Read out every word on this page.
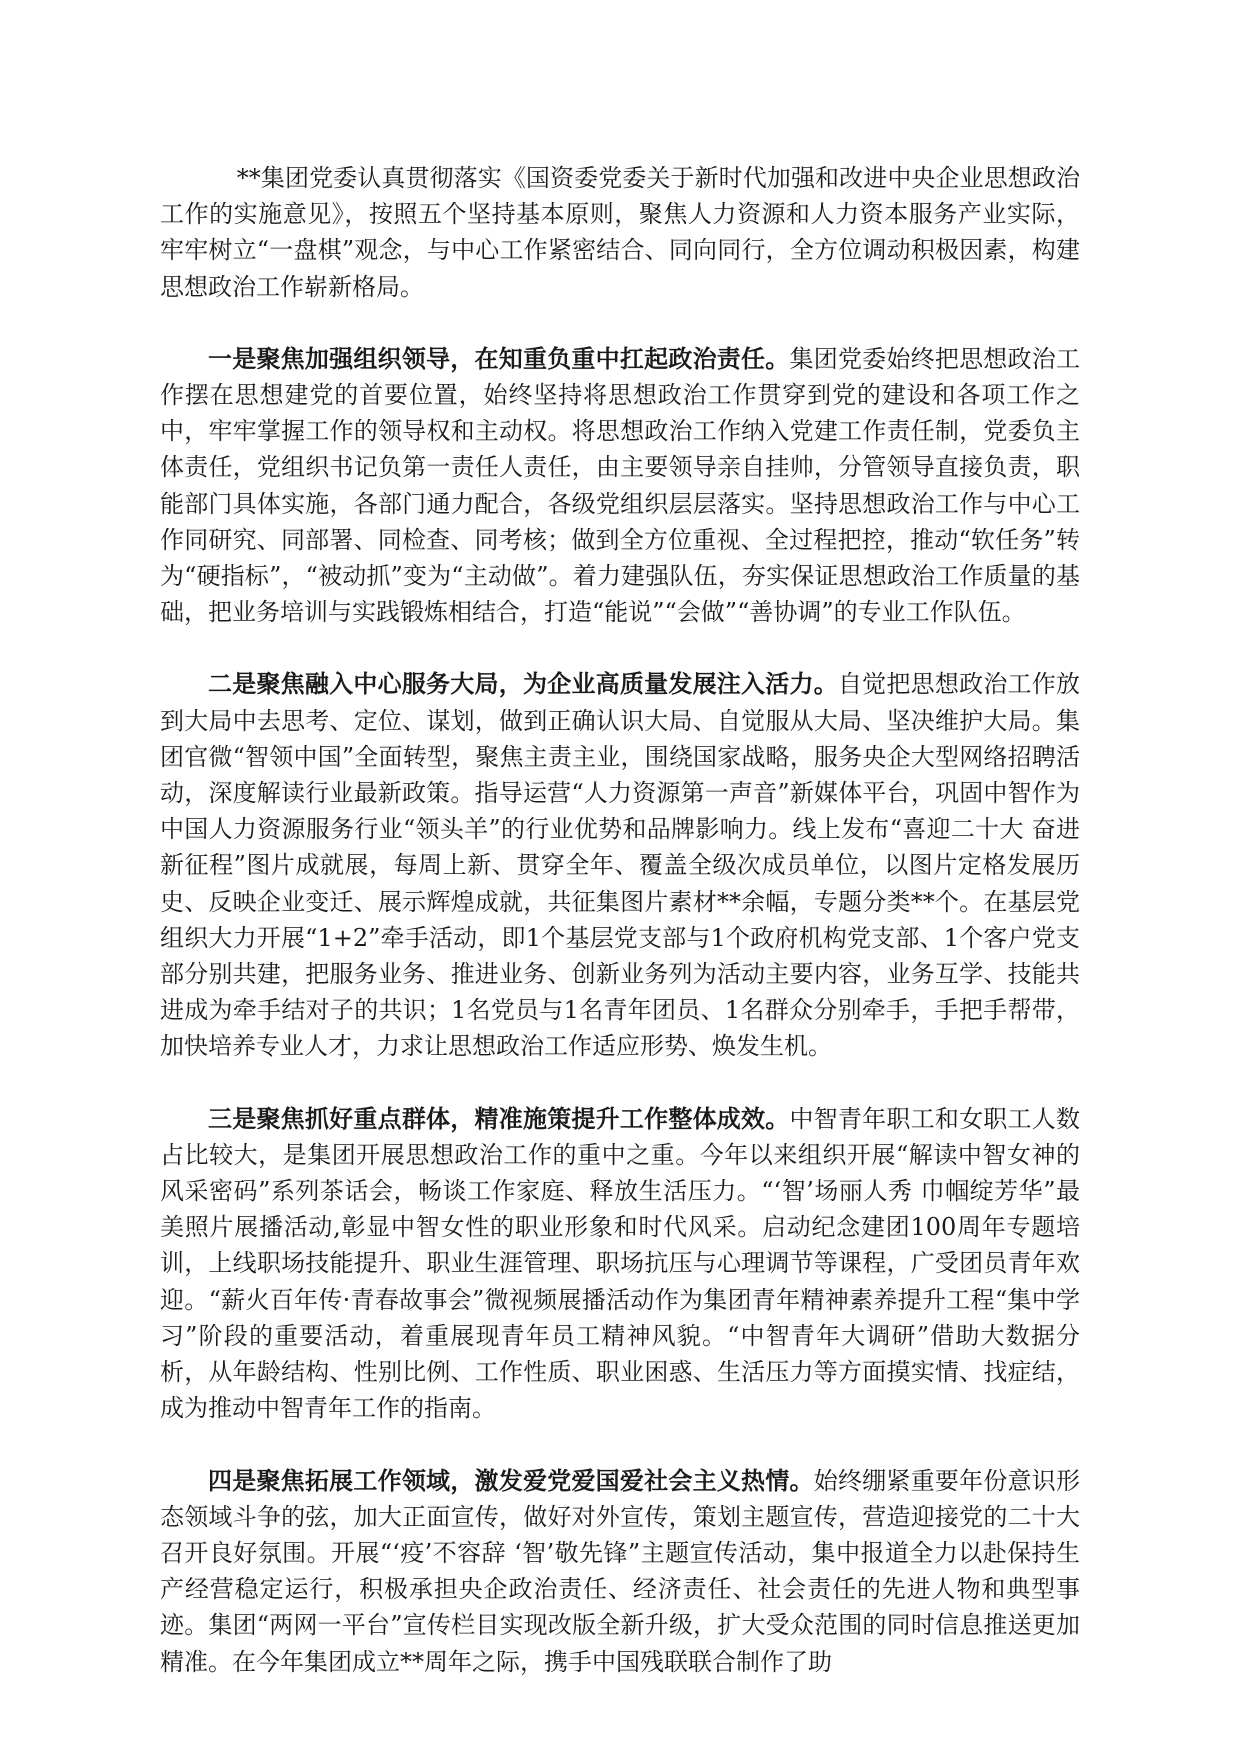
**集团党委认真贯彻落实《国资委党委关于新时代加强和改进中央企业思想政治工作的实施意见》，按照五个坚持基本原则，聚焦人力资源和人力资本服务产业实际，牢牢树立“一盘棋”观念，与中心工作紧密结合、同向同行，全方位调动积极因素，构建思想政治工作崭新格局。

一是聚焦加强组织领导，在知重负重中扛起政治责任。集团党委始终把思想政治工作摆在思想建党的首要位置，始终坚持将思想政治工作贯穿到党的建设和各项工作之中，牢牢掌握工作的领导权和主动权。将思想政治工作纳入党建工作责任制，党委负主体责任，党组织书记负第一责任人责任，由主要领导亲自挂帅，分管领导直接负责，职能部门具体实施，各部门通力配合，各级党组织层层落实。坚持思想政治工作与中心工作同研究、同部署、同检查、同考核；做到全方位重视、全过程把控，推动“软任务”转为“硬指标”，“被动抓”变为“主动做”。着力建强队伍，夯实保证思想政治工作质量的基础，把业务培训与实践锻炼相结合，打造“能说”“会做”“善协调”的专业工作队伍。

二是聚焦融入中心服务大局，为企业高质量发展注入活力。自觉把思想政治工作放到大局中去思考、定位、谋划，做到正确认识大局、自觉服从大局、坚决维护大局。集团官微“智领中国”全面转型，聚焦主责主业，围绕国家战略，服务央企大型网络招聘活动，深度解读行业最新政策。指导运营“人力资源第一声音”新媒体平台，巩固中智作为中国人力资源服务行业“领头羊”的行业优势和品牌影响力。线上发布“喜迎二十大 奋进新征程”图片成就展，每周上新、贯穿全年、覆盖全级次成员单位，以图片定格发展历史、反映企业变迁、展示辉煌成就，共征集图片素材**余幅，专题分类**个。在基层党组织大力开展“1+2”牵手活动，即1个基层党支部与1个政府机构党支部、1个客户党支部分别共建，把服务业务、推进业务、创新业务列为活动主要内容，业务互学、技能共进成为牵手结对子的共识；1名党员与1名青年团员、1名群众分别牵手，手把手帮带，加快培养专业人才，力求让思想政治工作适应形势、焕发生机。

三是聚焦抓好重点群体，精准施策提升工作整体成效。中智青年职工和女职工人数占比较大，是集团开展思想政治工作的重中之重。今年以来组织开展“解读中智女神的风采密码”系列茶话会，畅谈工作家庭、释放生活压力。“‘智’场丽人秀 巾帼绽芳华”最美照片展播活动,彰显中智女性的职业形象和时代风采。启动纪念建团100周年专题培训，上线职场技能提升、职业生涯管理、职场抗压与心理调节等课程，广受团员青年欢迎。“薪火百年传·青春故事会”微视频展播活动作为集团青年精神素养提升工程“集中学习”阶段的重要活动，着重展现青年员工精神风貌。“中智青年大调研”借助大数据分析，从年龄结构、性别比例、工作性质、职业困惑、生活压力等方面摸实情、找症结，成为推动中智青年工作的指南。

四是聚焦拓展工作领域，激发爱党爱国爱社会主义热情。始终绷紧重要年份意识形态领域斗争的弦，加大正面宣传，做好对外宣传，策划主题宣传，营造迎接党的二十大召开良好氛围。开展“‘疫’不容辞 ‘智’敬先锋”主题宣传活动，集中报道全力以赴保持生产经营稳定运行，积极承担央企政治责任、经济责任、社会责任的先进人物和典型事迹。集团“两网一平台”宣传栏目实现改版全新升级，扩大受众范围的同时信息推送更加精准。在今年集团成立**周年之际，携手中国残联联合制作了助
